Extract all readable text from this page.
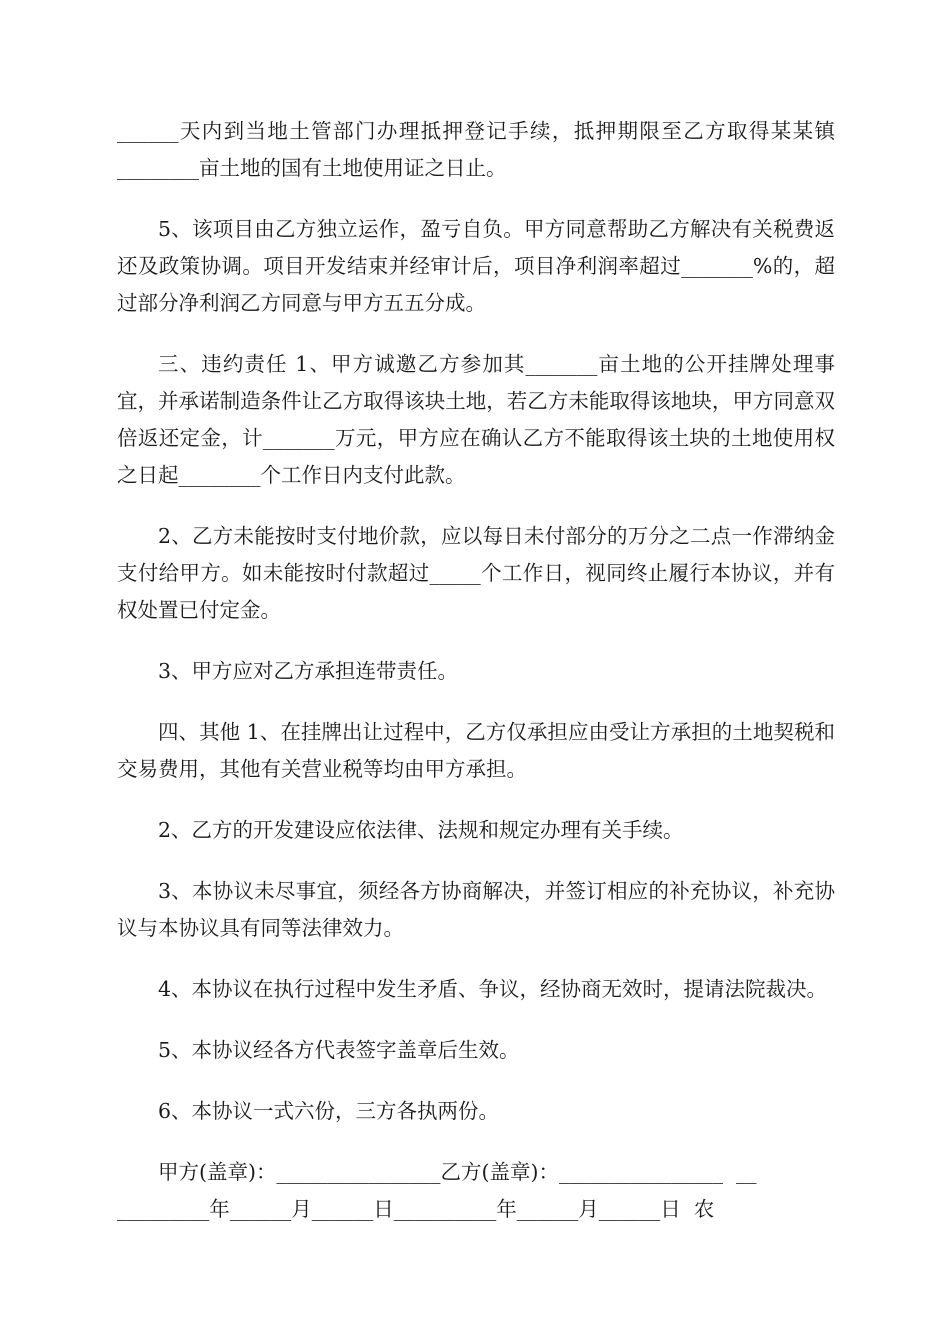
______天内到当地土管部门办理抵押登记手续，抵押期限至乙方取得某某镇________亩土地的国有土地使用证之日止。

5、该项目由乙方独立运作，盈亏自负。甲方同意帮助乙方解决有关税费返还及政策协调。项目开发结束并经审计后，项目净利润率超过_______%的，超过部分净利润乙方同意与甲方五五分成。

三、违约责任 1、甲方诚邀乙方参加其_______亩土地的公开挂牌处理事宜，并承诺制造条件让乙方取得该块土地，若乙方未能取得该地块，甲方同意双倍返还定金，计_______万元，甲方应在确认乙方不能取得该土块的土地使用权之日起________个工作日内支付此款。

2、乙方未能按时支付地价款，应以每日未付部分的万分之二点一作滞纳金支付给甲方。如未能按时付款超过_____个工作日，视同终止履行本协议，并有权处置已付定金。

3、甲方应对乙方承担连带责任。

四、其他 1、在挂牌出让过程中，乙方仅承担应由受让方承担的土地契税和交易费用，其他有关营业税等均由甲方承担。

2、乙方的开发建设应依法律、法规和规定办理有关手续。

3、本协议未尽事宜，须经各方协商解决，并签订相应的补充协议，补充协议与本协议具有同等法律效力。

4、本协议在执行过程中发生矛盾、争议，经协商无效时，提请法院裁决。

5、本协议经各方代表签字盖章后生效。

6、本协议一式六份，三方各执两份。

甲方(盖章)：________________乙方(盖章)：________________  __

_________年______月______日__________年______月______日  农
